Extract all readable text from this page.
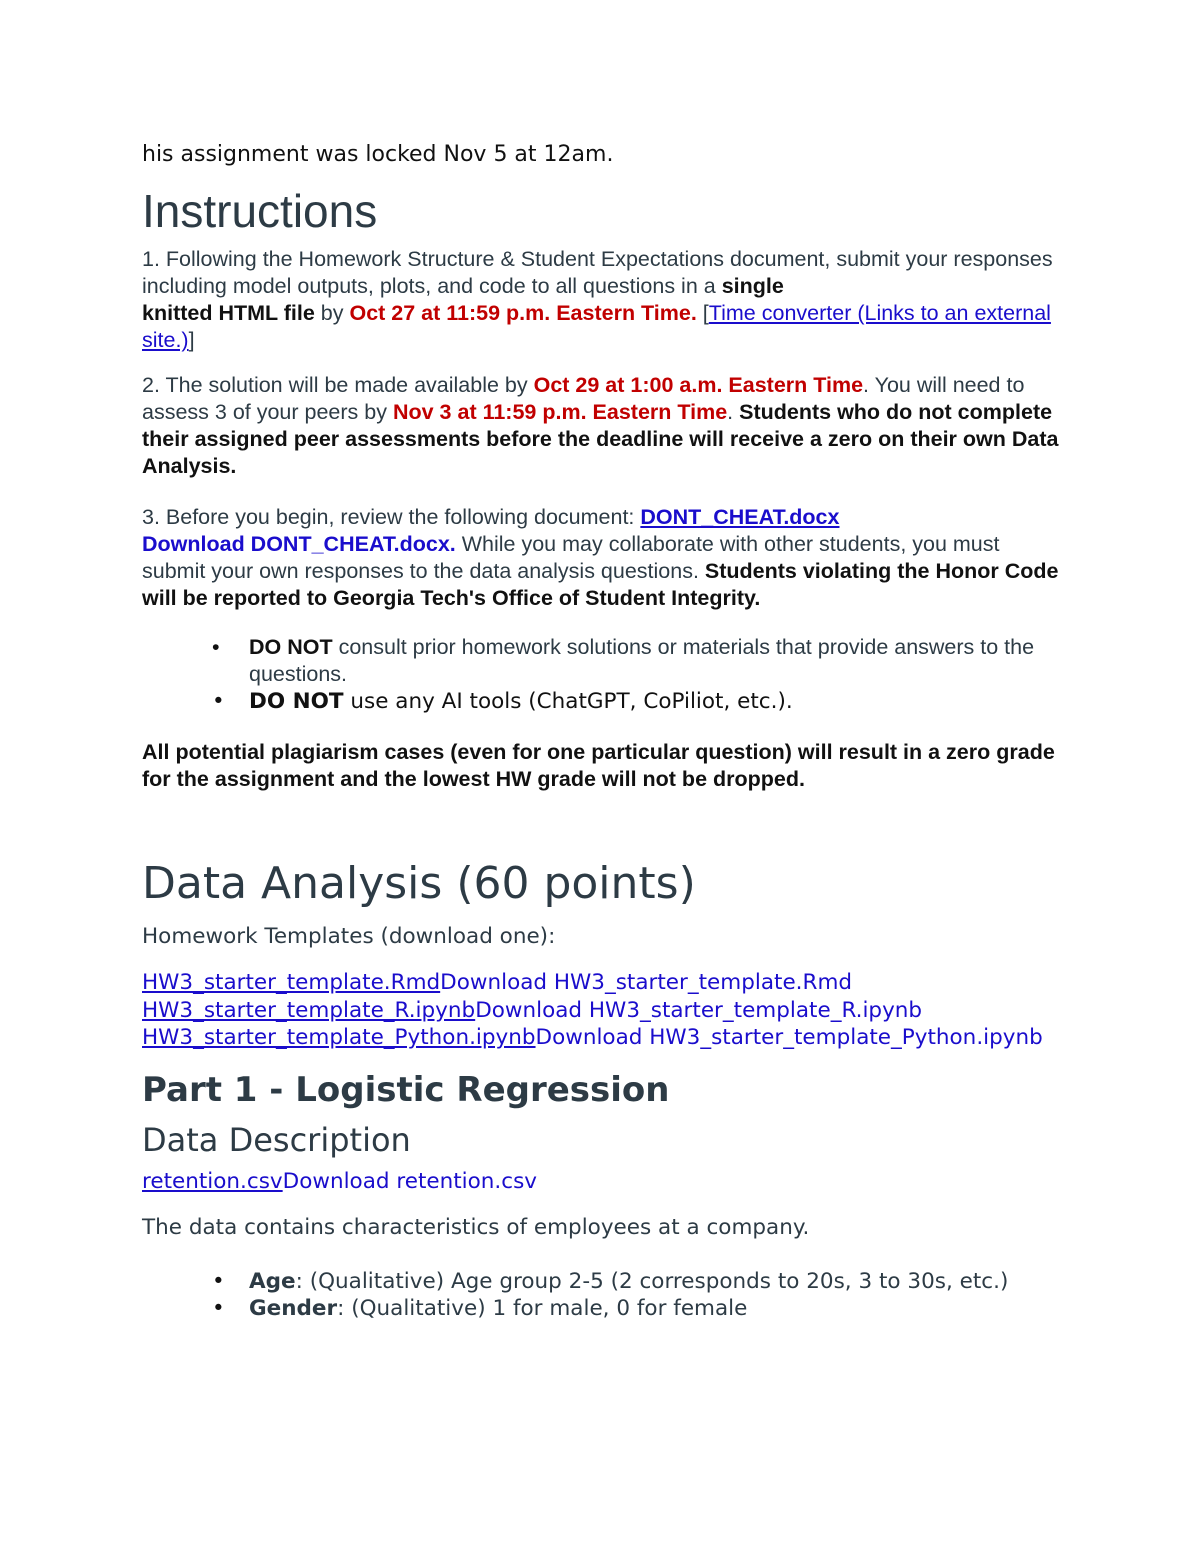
his assignment was locked Nov 5 at 12am.

Instructions

1. Following the Homework Structure & Student Expectations document, submit your responses including model outputs, plots, and code to all questions in a single
knitted HTML file by Oct 27 at 11:59 p.m. Eastern Time. [Time converter (Links to an external site.)]

2. The solution will be made available by Oct 29 at 1:00 a.m. Eastern Time. You will need to assess 3 of your peers by Nov 3 at 11:59 p.m. Eastern Time. Students who do not complete their assigned peer assessments before the deadline will receive a zero on their own Data Analysis.

3. Before you begin, review the following document: DONT_CHEAT.docx
Download DONT_CHEAT.docx. While you may collaborate with other students, you must submit your own responses to the data analysis questions. Students violating the Honor Code will be reported to Georgia Tech's Office of Student Integrity.

• DO NOT consult prior homework solutions or materials that provide answers to the questions.
• DO NOT use any AI tools (ChatGPT, CoPiliot, etc.).

All potential plagiarism cases (even for one particular question) will result in a zero grade for the assignment and the lowest HW grade will not be dropped.

Data Analysis (60 points)

Homework Templates (download one):

HW3_starter_template.RmdDownload HW3_starter_template.Rmd
HW3_starter_template_R.ipynbDownload HW3_starter_template_R.ipynb
HW3_starter_template_Python.ipynbDownload HW3_starter_template_Python.ipynb

Part 1 - Logistic Regression
Data Description

retention.csvDownload retention.csv

The data contains characteristics of employees at a company.

• Age: (Qualitative) Age group 2-5 (2 corresponds to 20s, 3 to 30s, etc.)
• Gender: (Qualitative) 1 for male, 0 for female
